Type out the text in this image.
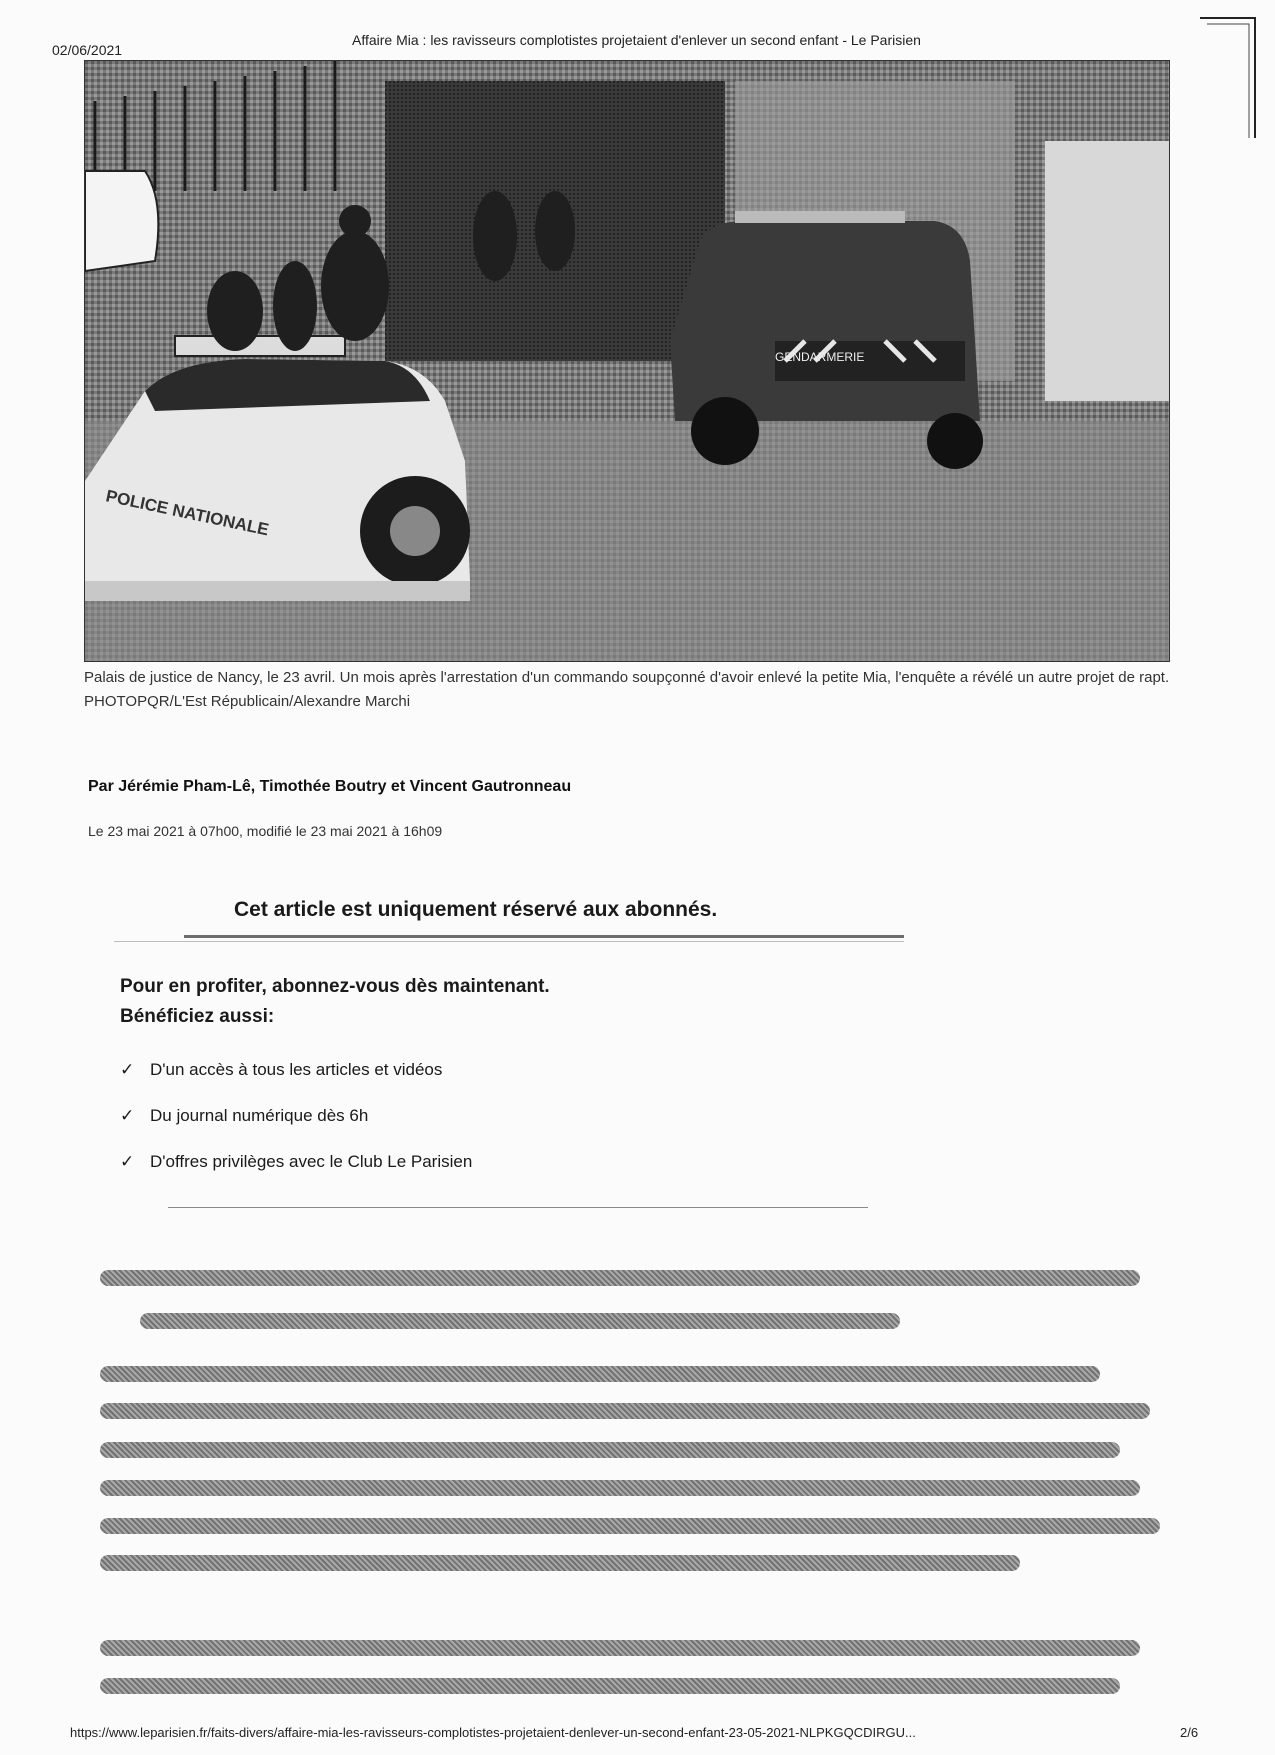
02/06/2021
Affaire Mia : les ravisseurs complotistes projetaient d'enlever un second enfant - Le Parisien
GENDARMERIE
POLICE NATIONALE
Palais de justice de Nancy, le 23 avril. Un mois après l'arrestation d'un commando soupçonné d'avoir enlevé la petite Mia, l'enquête a révélé un autre projet de rapt. PHOTOPQR/L'Est Républicain/Alexandre Marchi
Par Jérémie Pham-Lê, Timothée Boutry et Vincent Gautronneau
Le 23 mai 2021 à 07h00, modifié le 23 mai 2021 à 16h09
Cet article est uniquement réservé aux abonnés.
Pour en profiter, abonnez-vous dès maintenant.
Bénéficiez aussi:
✓ D'un accès à tous les articles et vidéos
✓ Du journal numérique dès 6h
✓ D'offres privilèges avec le Club Le Parisien
https://www.leparisien.fr/faits-divers/affaire-mia-les-ravisseurs-complotistes-projetaient-denlever-un-second-enfant-23-05-2021-NLPKGQCDIRGU...	2/6
